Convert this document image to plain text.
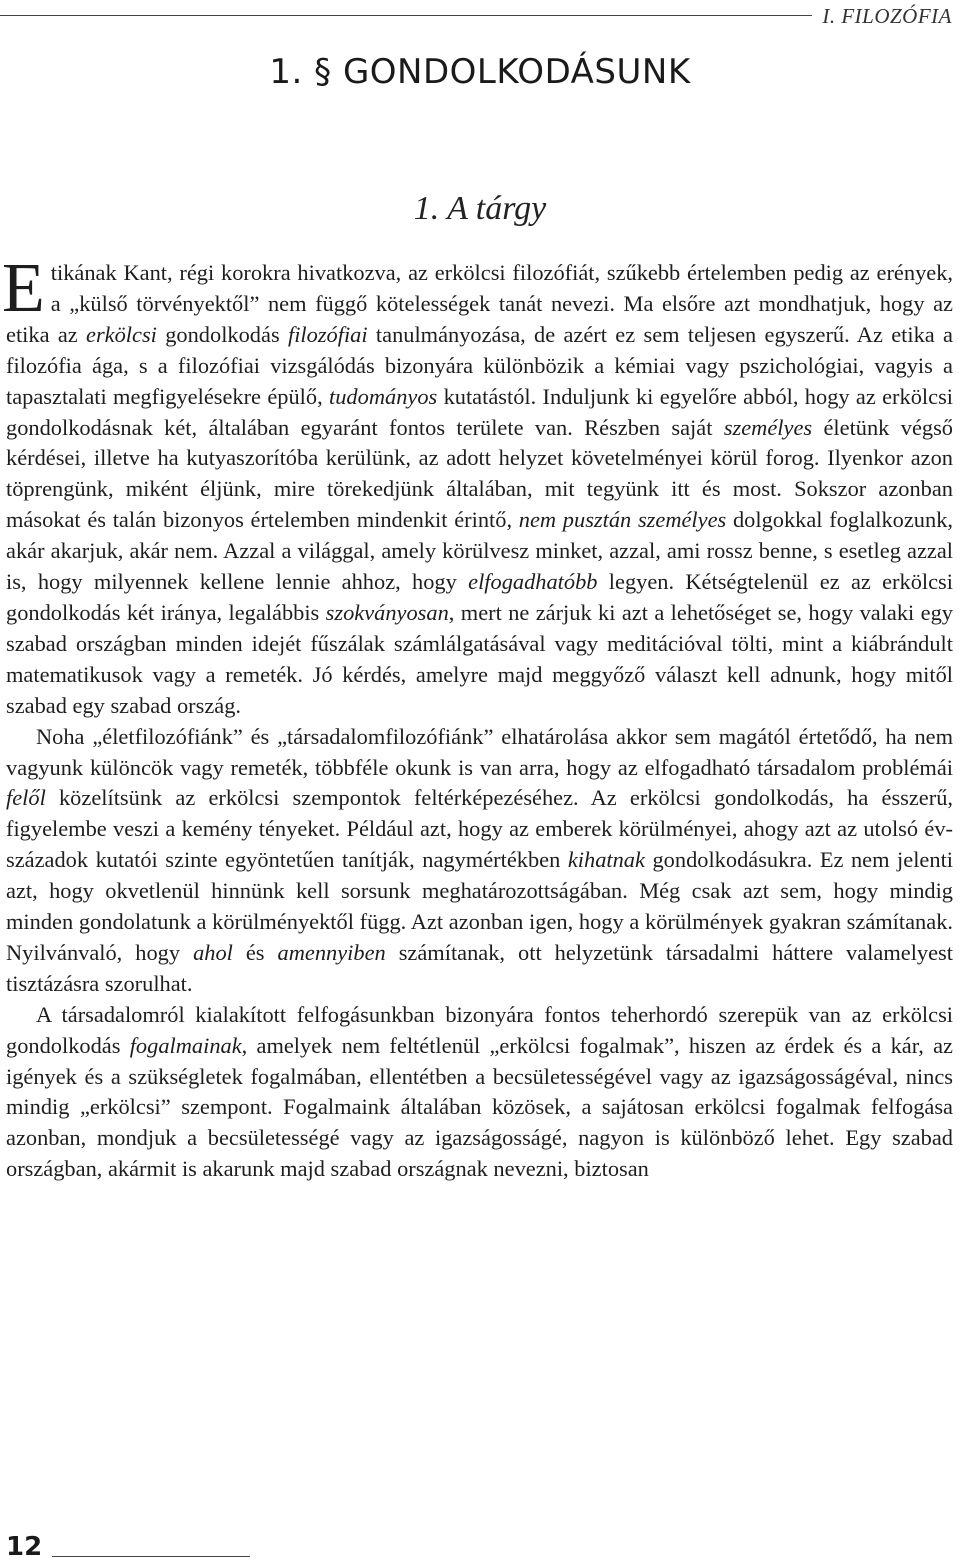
I. FILOZÓFIA
1. § GONDOLKODÁSUNK
1. A tárgy

Etikának Kant, régi korokra hivatkozva, az erkölcsi filozófiát, szűkebb értelemben pedig az erények, a „külső törvényektől” nem függő kötelességek tanát nevezi. Ma elsőre azt mondhatjuk, hogy az etika az erkölcsi gondolkodás filozófiai tanulmányozása, de azért ez sem teljesen egyszerű. Az etika a filozófia ága, s a filozófiai vizsgálódás bizonyára különbözik a kémiai vagy pszichológiai, vagyis a tapasztalati megfigyelésekre épülő, tudományos kutatástól. Induljunk ki egyelőre abból, hogy az erkölcsi gondolkodásnak két, általában egyaránt fontos területe van. Részben saját személyes életünk végső kérdései, illetve ha kutyaszorítóba kerülünk, az adott helyzet követelményei körül forog. Ilyenkor azon töprengünk, miként éljünk, mire törekedjünk általában, mit tegyünk itt és most. Sokszor azonban másokat és talán bizonyos értelemben mindenkit érintő, nem pusztán személyes dolgokkal foglalkozunk, akár akarjuk, akár nem. Azzal a világgal, amely körülvesz minket, azzal, ami rossz benne, s esetleg azzal is, hogy milyennek kellene lennie ahhoz, hogy elfogadhatóbb legyen. Kétségtelenül ez az erkölcsi gondolkodás két iránya, legalábbis szokványosan, mert ne zárjuk ki azt a lehetőséget se, hogy valaki egy szabad országban minden idejét fűszálak számlálgatásával vagy meditációval tölti, mint a kiábrándult matematikusok vagy a remeték. Jó kérdés, amelyre majd meggyőző választ kell adnunk, hogy mitől szabad egy szabad ország.

Noha „életfilozófiánk” és „társadalomfilozófiánk” elhatárolása akkor sem magától értetődő, ha nem vagyunk különcök vagy remeték, többféle okunk is van arra, hogy az elfogadható társadalom problémái felől közelítsünk az erkölcsi szempontok feltérképezéséhez. Az erkölcsi gondolkodás, ha ésszerű, figyelembe veszi a kemény tényeket. Például azt, hogy az emberek körülményei, ahogy azt az utolsó évszázadok kutatói szinte egyöntetűen tanítják, nagymértékben kihatnak gondolkodásukra. Ez nem jelenti azt, hogy okvetlenül hinnünk kell sorsunk meghatározottságában. Még csak azt sem, hogy mindig minden gondolatunk a körülményektől függ. Azt azonban igen, hogy a körülmények gyakran számítanak. Nyilvánvaló, hogy ahol és amennyiben számítanak, ott helyzetünk társadalmi háttere valamelyest tisztázásra szorulhat.

A társadalomról kialakított felfogásunkban bizonyára fontos teherhordó szerepük van az erkölcsi gondolkodás fogalmainak, amelyek nem feltétlenül „erkölcsi fogalmak”, hiszen az érdek és a kár, az igények és a szükségletek fogalmában, ellentétben a becsületességével vagy az igazságosságéval, nincs mindig „erkölcsi” szempont. Fogalmaink általában közösek, a sajátosan erkölcsi fogalmak felfogása azonban, mondjuk a becsületességé vagy az igazságosságé, nagyon is különböző lehet. Egy szabad országban, akármit is akarunk majd szabad országnak nevezni, biztosan

12
